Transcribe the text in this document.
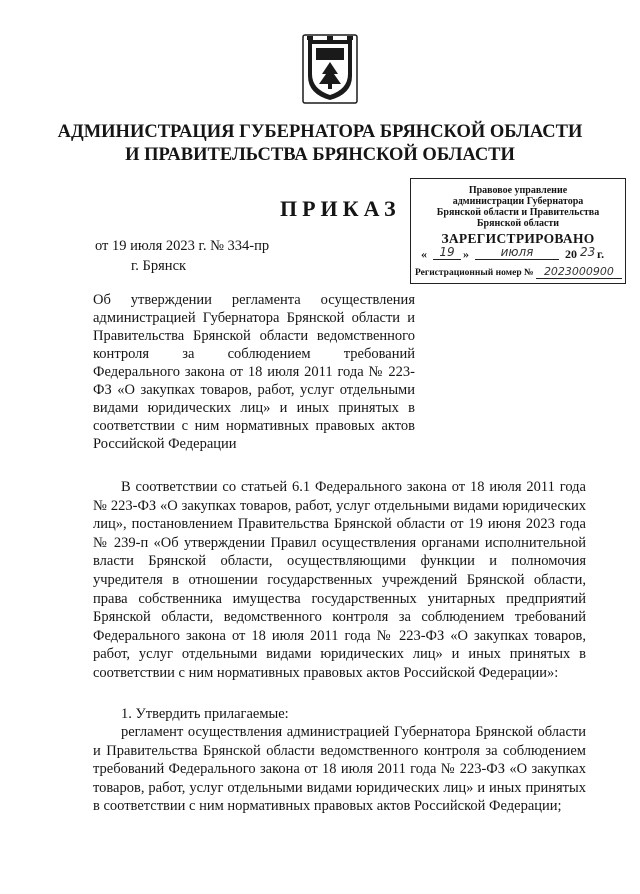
АДМИНИСТРАЦИЯ ГУБЕРНАТОРА БРЯНСКОЙ ОБЛАСТИ
И ПРАВИТЕЛЬСТВА БРЯНСКОЙ ОБЛАСТИ
ПРИКАЗ
от 19 июля 2023 г. № 334-пр
г. Брянск
Правовое управление
администрации Губернатора
Брянской области и Правительства
Брянской области
ЗАРЕГИСТРИРОВАНО
«	19 »	июля	20 23 г.
Регистрационный номер № 2023000900
Об утверждении регламента осуществления администрацией Губернатора Брянской области и Правительства Брянской области ведомственного контроля за соблюдением требований Федерального закона от 18 июля 2011 года № 223-ФЗ «О закупках товаров, работ, услуг отдельными видами юридических лиц» и иных принятых в соответствии с ним нормативных правовых актов Российской Федерации

В соответствии со статьей 6.1 Федерального закона от 18 июля 2011 года № 223-ФЗ «О закупках товаров, работ, услуг отдельными видами юридических лиц», постановлением Правительства Брянской области от 19 июня 2023 года № 239-п «Об утверждении Правил осуществления органами исполнительной власти Брянской области, осуществляющими функции и полномочия учредителя в отношении государственных учреждений Брянской области, права собственника имущества государственных унитарных предприятий Брянской области, ведомственного контроля за соблюдением требований Федерального закона от 18 июля 2011 года № 223-ФЗ «О закупках товаров, работ, услуг отдельными видами юридических лиц» и иных принятых в соответствии с ним нормативных правовых актов Российской Федерации»:

1. Утвердить прилагаемые:

регламент осуществления администрацией Губернатора Брянской области и Правительства Брянской области ведомственного контроля за соблюдением требований Федерального закона от 18 июля 2011 года № 223-ФЗ «О закупках товаров, работ, услуг отдельными видами юридических лиц» и иных принятых в соответствии с ним нормативных правовых актов Российской Федерации;
